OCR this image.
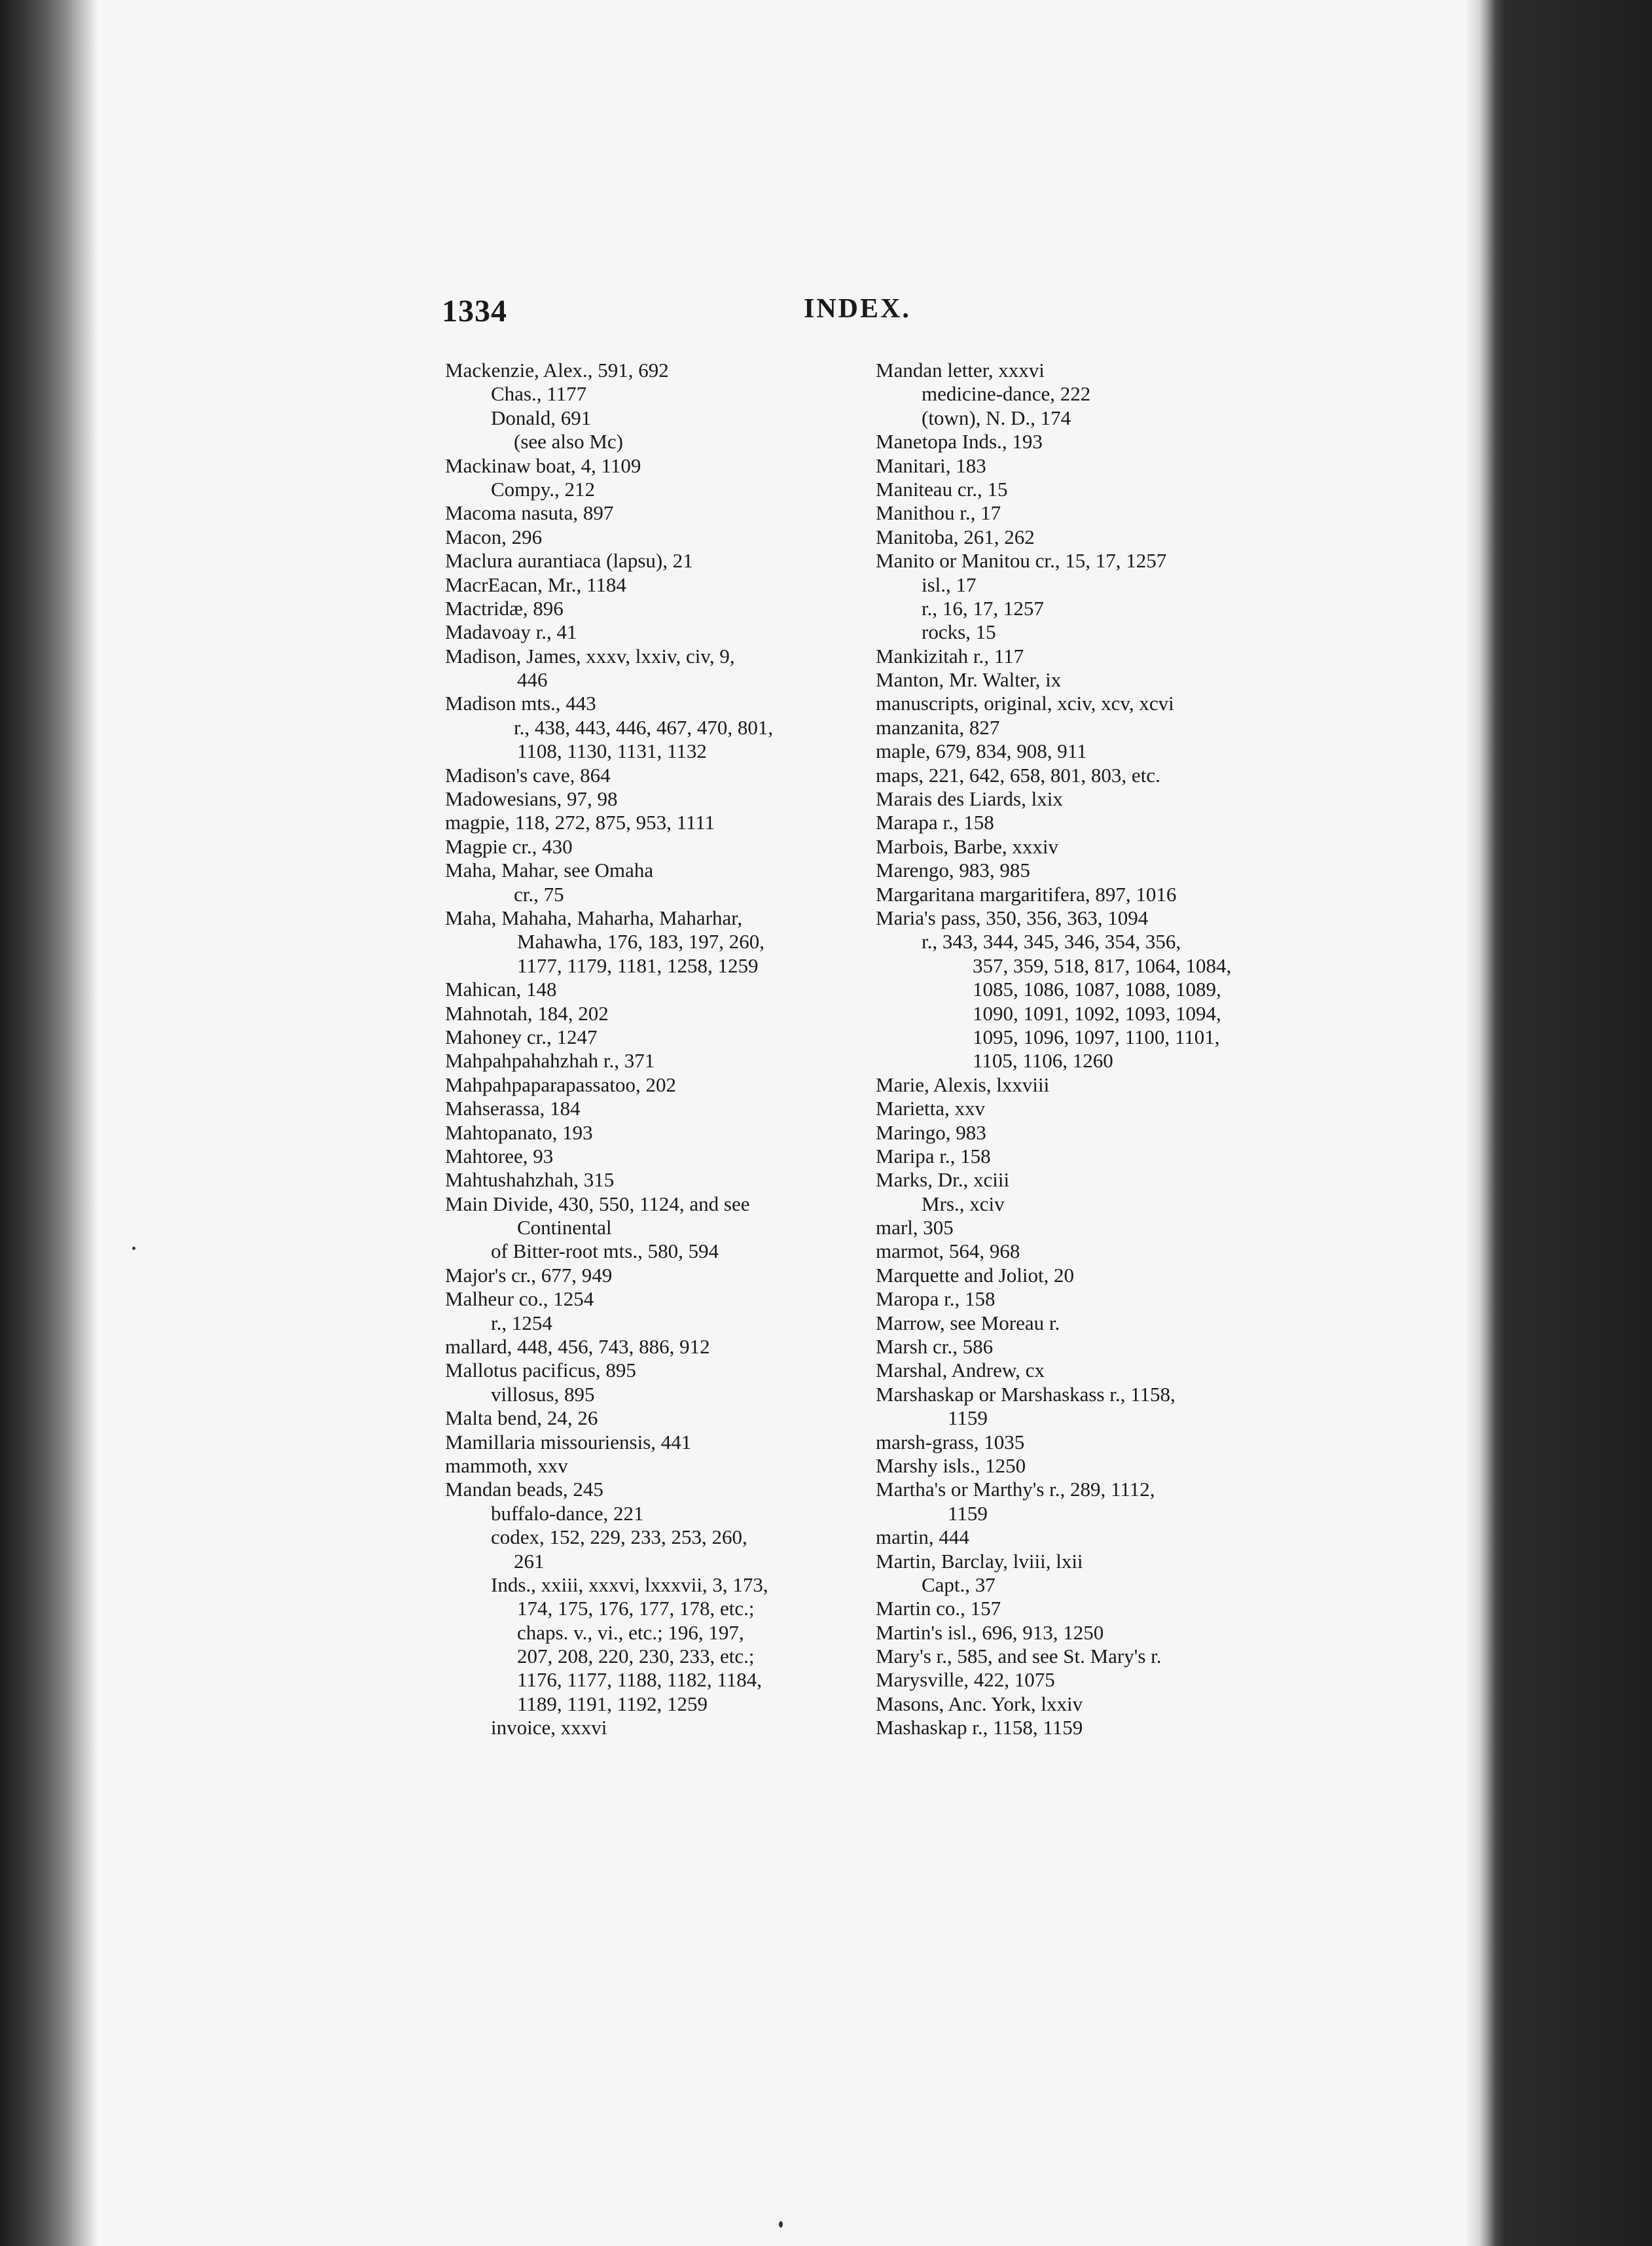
1334	INDEX.
Mackenzie, Alex., 591, 692
Chas., 1177
Donald, 691
(see also Mc)
Mackinaw boat, 4, 1109
Compy., 212
Macoma nasuta, 897
Macon, 296
Maclura aurantiaca (lapsu), 21
MacrEacan, Mr., 1184
Mactridæ, 896
Madavoay r., 41
Madison, James, xxxv, lxxiv, civ, 9,
446
Madison mts., 443
r., 438, 443, 446, 467, 470, 801,
1108, 1130, 1131, 1132
Madison's cave, 864
Madowesians, 97, 98
magpie, 118, 272, 875, 953, 1111
Magpie cr., 430
Maha, Mahar, see Omaha
cr., 75
Maha, Mahaha, Maharha, Maharhar,
Mahawha, 176, 183, 197, 260,
1177, 1179, 1181, 1258, 1259
Mahican, 148
Mahnotah, 184, 202
Mahoney cr., 1247
Mahpahpahahzhah r., 371
Mahpahpaparapassatoo, 202
Mahserassa, 184
Mahtopanato, 193
Mahtoree, 93
Mahtushahzhah, 315
Main Divide, 430, 550, 1124, and see
Continental
of Bitter-root mts., 580, 594
Major's cr., 677, 949
Malheur co., 1254
r., 1254
mallard, 448, 456, 743, 886, 912
Mallotus pacificus, 895
villosus, 895
Malta bend, 24, 26
Mamillaria missouriensis, 441
mammoth, xxv
Mandan beads, 245
buffalo-dance, 221
codex, 152, 229, 233, 253, 260,
261
Inds., xxiii, xxxvi, lxxxvii, 3, 173,
174, 175, 176, 177, 178, etc.;
chaps. v., vi., etc.; 196, 197,
207, 208, 220, 230, 233, etc.;
1176, 1177, 1188, 1182, 1184,
1189, 1191, 1192, 1259
invoice, xxxvi
Mandan letter, xxxvi
medicine-dance, 222
(town), N. D., 174
Manetopa Inds., 193
Manitari, 183
Maniteau cr., 15
Manithou r., 17
Manitoba, 261, 262
Manito or Manitou cr., 15, 17, 1257
isl., 17
r., 16, 17, 1257
rocks, 15
Mankizitah r., 117
Manton, Mr. Walter, ix
manuscripts, original, xciv, xcv, xcvi
manzanita, 827
maple, 679, 834, 908, 911
maps, 221, 642, 658, 801, 803, etc.
Marais des Liards, lxix
Marapa r., 158
Marbois, Barbe, xxxiv
Marengo, 983, 985
Margaritana margaritifera, 897, 1016
Maria's pass, 350, 356, 363, 1094
r., 343, 344, 345, 346, 354, 356,
357, 359, 518, 817, 1064, 1084,
1085, 1086, 1087, 1088, 1089,
1090, 1091, 1092, 1093, 1094,
1095, 1096, 1097, 1100, 1101,
1105, 1106, 1260
Marie, Alexis, lxxviii
Marietta, xxv
Maringo, 983
Maripa r., 158
Marks, Dr., xciii
Mrs., xciv
marl, 305
marmot, 564, 968
Marquette and Joliot, 20
Maropa r., 158
Marrow, see Moreau r.
Marsh cr., 586
Marshal, Andrew, cx
Marshaskap or Marshaskass r., 1158,
1159
marsh-grass, 1035
Marshy isls., 1250
Martha's or Marthy's r., 289, 1112,
1159
martin, 444
Martin, Barclay, lviii, lxii
Capt., 37
Martin co., 157
Martin's isl., 696, 913, 1250
Mary's r., 585, and see St. Mary's r.
Marysville, 422, 1075
Masons, Anc. York, lxxiv
Mashaskap r., 1158, 1159
